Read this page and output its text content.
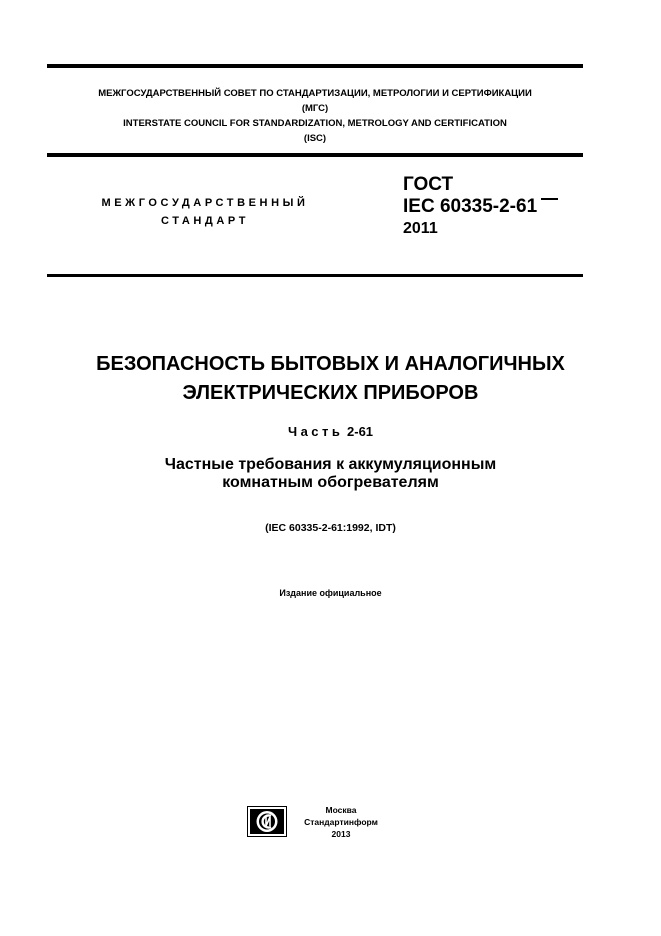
МЕЖГОСУДАРСТВЕННЫЙ СОВЕТ ПО СТАНДАРТИЗАЦИИ, МЕТРОЛОГИИ И СЕРТИФИКАЦИИ
(МГС)
INTERSTATE COUNCIL FOR STANDARDIZATION, METROLOGY AND CERTIFICATION
(ISC)
МЕЖГОСУДАРСТВЕННЫЙ
СТАНДАРТ
ГОСТ
IEC 60335-2-61
2011
БЕЗОПАСНОСТЬ БЫТОВЫХ И АНАЛОГИЧНЫХ
ЭЛЕКТРИЧЕСКИХ ПРИБОРОВ
Часть 2-61
Частные требования к аккумуляционным
комнатным обогревателям
(IEC 60335-2-61:1992, IDT)
Издание официальное
Москва
Стандартинформ
2013
